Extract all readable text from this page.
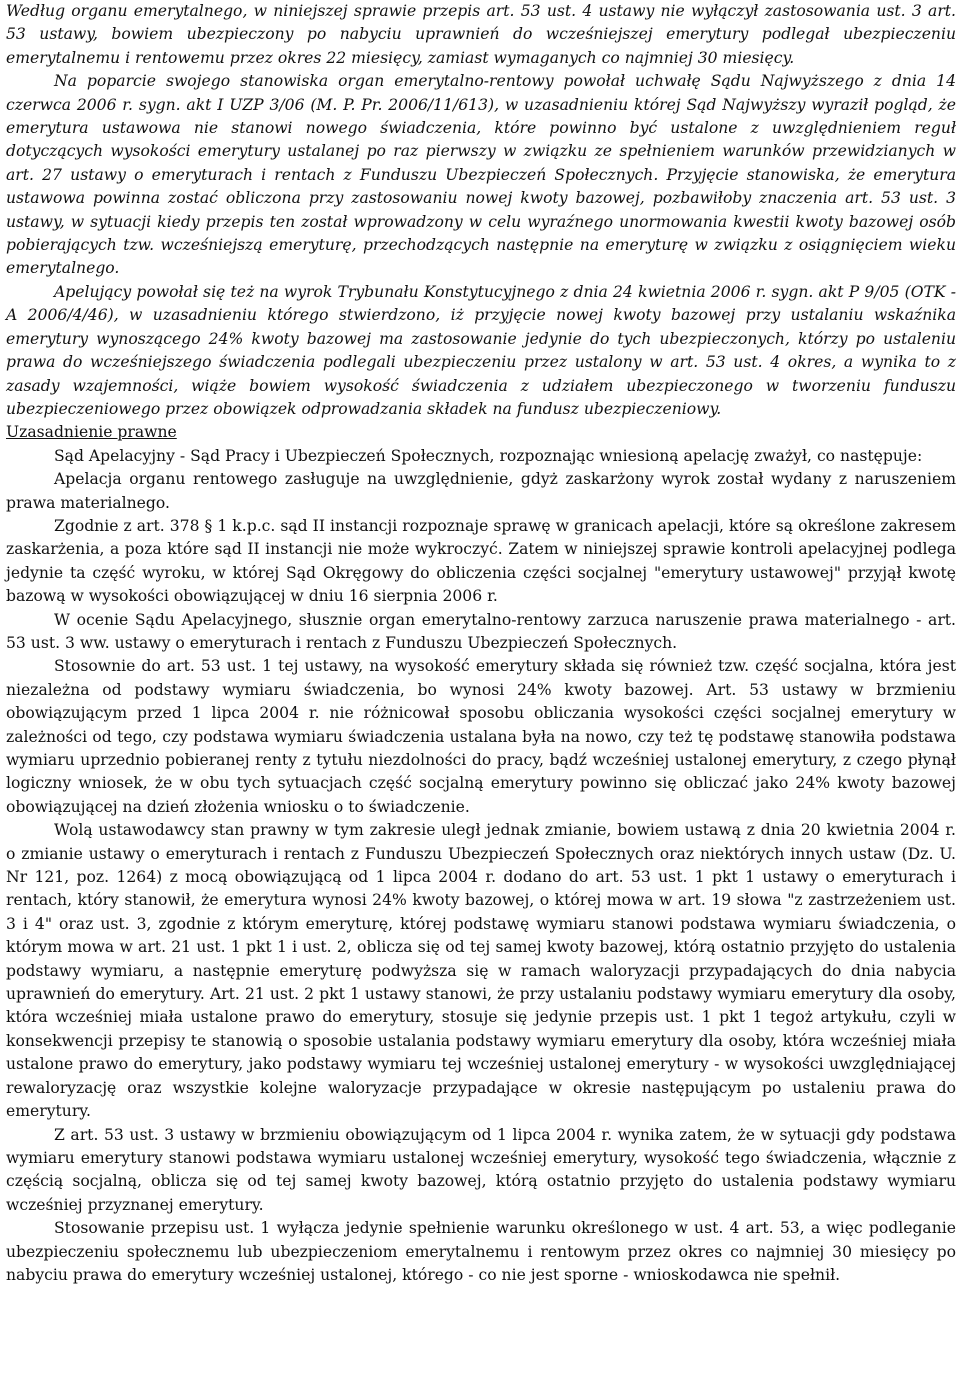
Według organu emerytalnego, w niniejszej sprawie przepis art. 53 ust. 4 ustawy nie wyłączył zastosowania ust. 3 art. 53 ustawy, bowiem ubezpieczony po nabyciu uprawnień do wcześniejszej emerytury podlegał ubezpieczeniu emerytalnemu i rentowemu przez okres 22 miesięcy, zamiast wymaganych co najmniej 30 miesięcy.

Na poparcie swojego stanowiska organ emerytalno-rentowy powołał uchwałę Sądu Najwyższego z dnia 14 czerwca 2006 r. sygn. akt I UZP 3/06 (M. P. Pr. 2006/11/613), w uzasadnieniu której Sąd Najwyższy wyraził pogląd, że emerytura ustawowa nie stanowi nowego świadczenia, które powinno być ustalone z uwzględnieniem reguł dotyczących wysokości emerytury ustalanej po raz pierwszy w związku ze spełnieniem warunków przewidzianych w art. 27 ustawy o emeryturach i rentach z Funduszu Ubezpieczeń Społecznych. Przyjęcie stanowiska, że emerytura ustawowa powinna zostać obliczona przy zastosowaniu nowej kwoty bazowej, pozbawiłoby znaczenia art. 53 ust. 3 ustawy, w sytuacji kiedy przepis ten został wprowadzony w celu wyraźnego unormowania kwestii kwoty bazowej osób pobierających tzw. wcześniejszą emeryturę, przechodzących następnie na emeryturę w związku z osiągnięciem wieku emerytalnego.

Apelujący powołał się też na wyrok Trybunału Konstytucyjnego z dnia 24 kwietnia 2006 r. sygn. akt P 9/05 (OTK - A 2006/4/46), w uzasadnieniu którego stwierdzono, iż przyjęcie nowej kwoty bazowej przy ustalaniu wskaźnika emerytury wynoszącego 24% kwoty bazowej ma zastosowanie jedynie do tych ubezpieczonych, którzy po ustaleniu prawa do wcześniejszego świadczenia podlegali ubezpieczeniu przez ustalony w art. 53 ust. 4 okres, a wynika to z zasady wzajemności, wiąże bowiem wysokość świadczenia z udziałem ubezpieczonego w tworzeniu funduszu ubezpieczeniowego przez obowiązek odprowadzania składek na fundusz ubezpieczeniowy.

Uzasadnienie prawne

Sąd Apelacyjny - Sąd Pracy i Ubezpieczeń Społecznych, rozpoznając wniesioną apelację zważył, co następuje:

Apelacja organu rentowego zasługuje na uwzględnienie, gdyż zaskarżony wyrok został wydany z naruszeniem prawa materialnego.

Zgodnie z art. 378 § 1 k.p.c. sąd II instancji rozpoznaje sprawę w granicach apelacji, które są określone zakresem zaskarżenia, a poza które sąd II instancji nie może wykroczyć. Zatem w niniejszej sprawie kontroli apelacyjnej podlega jedynie ta część wyroku, w której Sąd Okręgowy do obliczenia części socjalnej "emerytury ustawowej" przyjął kwotę bazową w wysokości obowiązującej w dniu 16 sierpnia 2006 r.

W ocenie Sądu Apelacyjnego, słusznie organ emerytalno-rentowy zarzuca naruszenie prawa materialnego - art. 53 ust. 3 ww. ustawy o emeryturach i rentach z Funduszu Ubezpieczeń Społecznych.

Stosownie do art. 53 ust. 1 tej ustawy, na wysokość emerytury składa się również tzw. część socjalna, która jest niezależna od podstawy wymiaru świadczenia, bo wynosi 24% kwoty bazowej. Art. 53 ustawy w brzmieniu obowiązującym przed 1 lipca 2004 r. nie różnicował sposobu obliczania wysokości części socjalnej emerytury w zależności od tego, czy podstawa wymiaru świadczenia ustalana była na nowo, czy też tę podstawę stanowiła podstawa wymiaru uprzednio pobieranej renty z tytułu niezdolności do pracy, bądź wcześniej ustalonej emerytury, z czego płynął logiczny wniosek, że w obu tych sytuacjach część socjalną emerytury powinno się obliczać jako 24% kwoty bazowej obowiązującej na dzień złożenia wniosku o to świadczenie.

Wolą ustawodawcy stan prawny w tym zakresie uległ jednak zmianie, bowiem ustawą z dnia 20 kwietnia 2004 r. o zmianie ustawy o emeryturach i rentach z Funduszu Ubezpieczeń Społecznych oraz niektórych innych ustaw (Dz. U. Nr 121, poz. 1264) z mocą obowiązującą od 1 lipca 2004 r. dodano do art. 53 ust. 1 pkt 1 ustawy o emeryturach i rentach, który stanowił, że emerytura wynosi 24% kwoty bazowej, o której mowa w art. 19 słowa "z zastrzeżeniem ust. 3 i 4" oraz ust. 3, zgodnie z którym emeryturę, której podstawę wymiaru stanowi podstawa wymiaru świadczenia, o którym mowa w art. 21 ust. 1 pkt 1 i ust. 2, oblicza się od tej samej kwoty bazowej, którą ostatnio przyjęto do ustalenia podstawy wymiaru, a następnie emeryturę podwyższa się w ramach waloryzacji przypadających do dnia nabycia uprawnień do emerytury. Art. 21 ust. 2 pkt 1 ustawy stanowi, że przy ustalaniu podstawy wymiaru emerytury dla osoby, która wcześniej miała ustalone prawo do emerytury, stosuje się jedynie przepis ust. 1 pkt 1 tegoż artykułu, czyli w konsekwencji przepisy te stanowią o sposobie ustalania podstawy wymiaru emerytury dla osoby, która wcześniej miała ustalone prawo do emerytury, jako podstawy wymiaru tej wcześniej ustalonej emerytury - w wysokości uwzględniającej rewaloryzację oraz wszystkie kolejne waloryzacje przypadające w okresie następującym po ustaleniu prawa do emerytury.

Z art. 53 ust. 3 ustawy w brzmieniu obowiązującym od 1 lipca 2004 r. wynika zatem, że w sytuacji gdy podstawa wymiaru emerytury stanowi podstawa wymiaru ustalonej wcześniej emerytury, wysokość tego świadczenia, włącznie z częścią socjalną, oblicza się od tej samej kwoty bazowej, którą ostatnio przyjęto do ustalenia podstawy wymiaru wcześniej przyznanej emerytury.

Stosowanie przepisu ust. 1 wyłącza jedynie spełnienie warunku określonego w ust. 4 art. 53, a więc podleganie ubezpieczeniu społecznemu lub ubezpieczeniom emerytalnemu i rentowym przez okres co najmniej 30 miesięcy po nabyciu prawa do emerytury wcześniej ustalonej, którego - co nie jest sporne - wnioskodawca nie spełnił.
